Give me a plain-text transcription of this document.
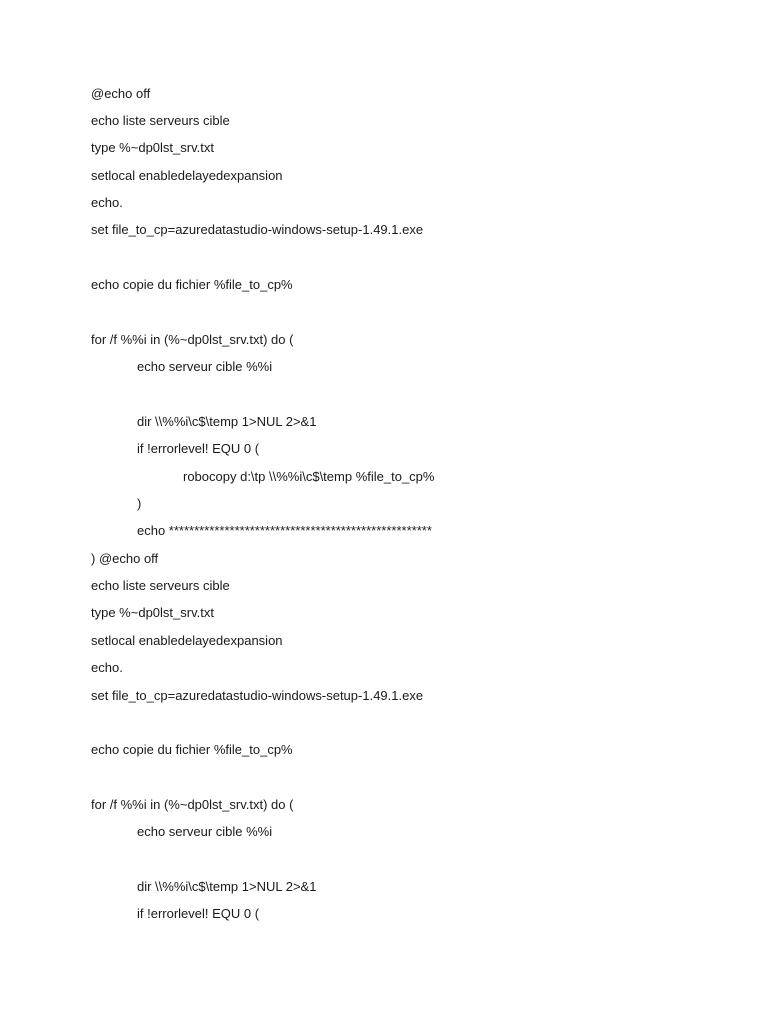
@echo off
echo liste serveurs cible
type %~dp0lst_srv.txt
setlocal enabledelayedexpansion
echo.
set file_to_cp=azuredatastudio-windows-setup-1.49.1.exe
echo copie du fichier %file_to_cp%
for /f %%i in (%~dp0lst_srv.txt) do (
echo serveur cible %%i
dir \\%%i\c$\temp 1>NUL 2>&1
if !errorlevel! EQU 0 (
robocopy d:\tp \\%%i\c$\temp %file_to_cp%
)
echo ****************************************************
) @echo off
echo liste serveurs cible
type %~dp0lst_srv.txt
setlocal enabledelayedexpansion
echo.
set file_to_cp=azuredatastudio-windows-setup-1.49.1.exe
echo copie du fichier %file_to_cp%
for /f %%i in (%~dp0lst_srv.txt) do (
echo serveur cible %%i
dir \\%%i\c$\temp 1>NUL 2>&1
if !errorlevel! EQU 0 (
